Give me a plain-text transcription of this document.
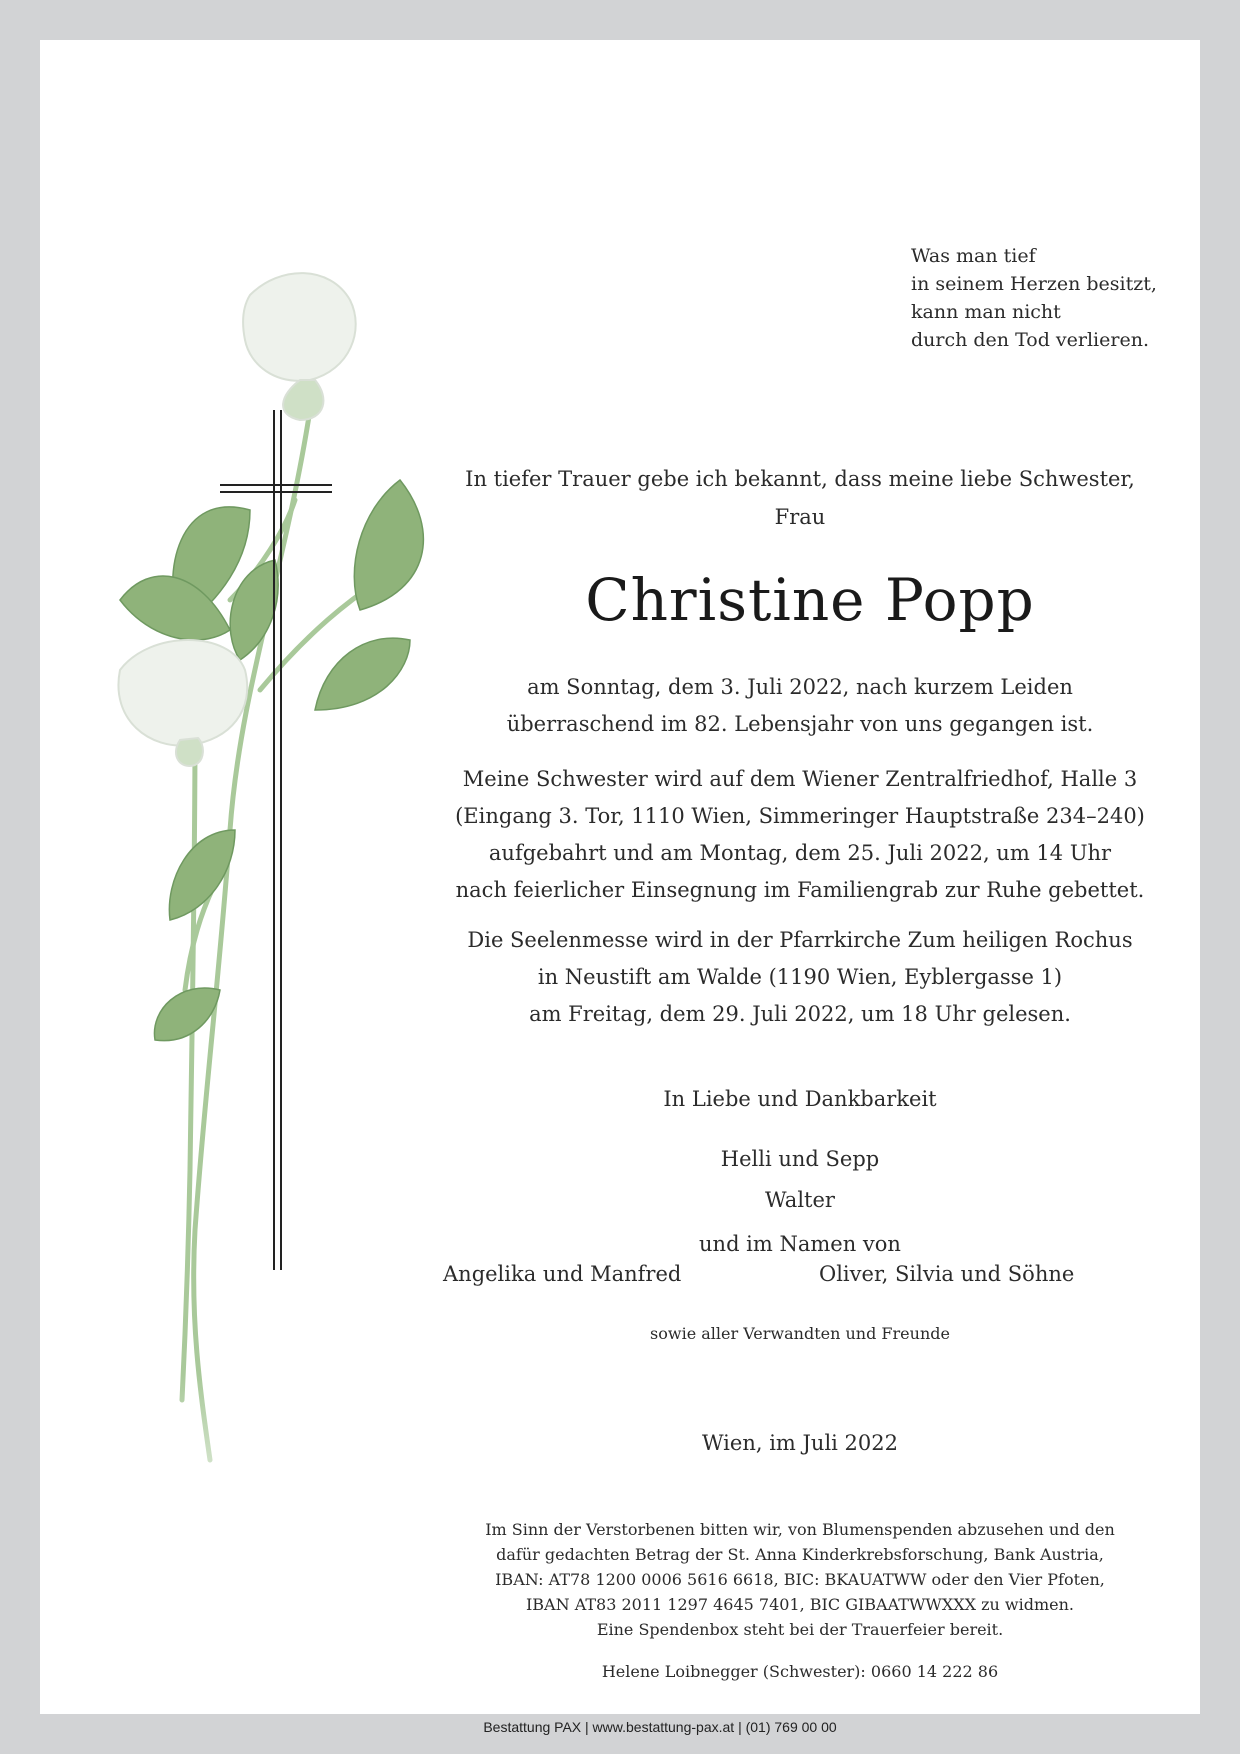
Was man tief
in seinem Herzen besitzt,
kann man nicht
durch den Tod verlieren.
In tiefer Trauer gebe ich bekannt, dass meine liebe Schwester,
Frau
Christine Popp
am Sonntag, dem 3. Juli 2022, nach kurzem Leiden
überraschend im 82. Lebensjahr von uns gegangen ist.
Meine Schwester wird auf dem Wiener Zentralfriedhof, Halle 3
(Eingang 3. Tor, 1110 Wien, Simmeringer Hauptstraße 234–240)
aufgebahrt und am Montag, dem 25. Juli 2022, um 14 Uhr
nach feierlicher Einsegnung im Familiengrab zur Ruhe gebettet.
Die Seelenmesse wird in der Pfarrkirche Zum heiligen Rochus
in Neustift am Walde (1190 Wien, Eyblergasse 1)
am Freitag, dem 29. Juli 2022, um 18 Uhr gelesen.
In Liebe und Dankbarkeit
Helli und Sepp
Walter
und im Namen von
Angelika und Manfred	Oliver, Silvia und Söhne
sowie aller Verwandten und Freunde
Wien, im Juli 2022
Im Sinn der Verstorbenen bitten wir, von Blumenspenden abzusehen und den
dafür gedachten Betrag der St. Anna Kinderkrebsforschung, Bank Austria,
IBAN: AT78 1200 0006 5616 6618, BIC: BKAUATWW oder den Vier Pfoten,
IBAN AT83 2011 1297 4645 7401, BIC GIBAATWWXXX zu widmen.
Eine Spendenbox steht bei der Trauerfeier bereit.
Helene Loibnegger (Schwester): 0660 14 222 86
Bestattung PAX | www.bestattung-pax.at | (01) 769 00 00
